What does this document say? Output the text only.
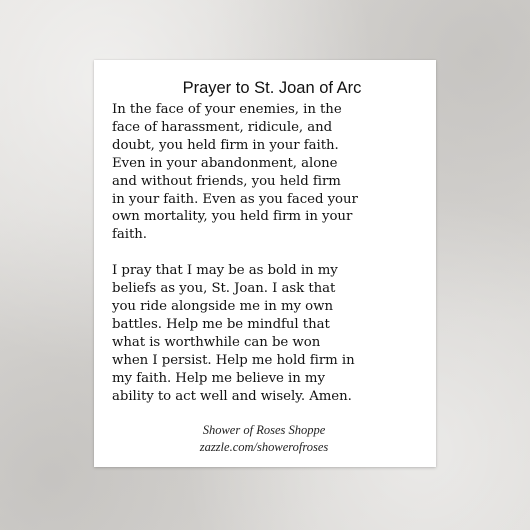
Prayer to St. Joan of Arc
In the face of your enemies, in the
face of harassment, ridicule, and
doubt, you held firm in your faith.
Even in your abandonment, alone
and without friends, you held firm
in your faith. Even as you faced your
own mortality, you held firm in your
faith.
I pray that I may be as bold in my
beliefs as you, St. Joan. I ask that
you ride alongside me in my own
battles. Help me be mindful that
what is worthwhile can be won
when I persist. Help me hold firm in
my faith. Help me believe in my
ability to act well and wisely. Amen.
Shower of Roses Shoppe
zazzle.com/showerofroses
